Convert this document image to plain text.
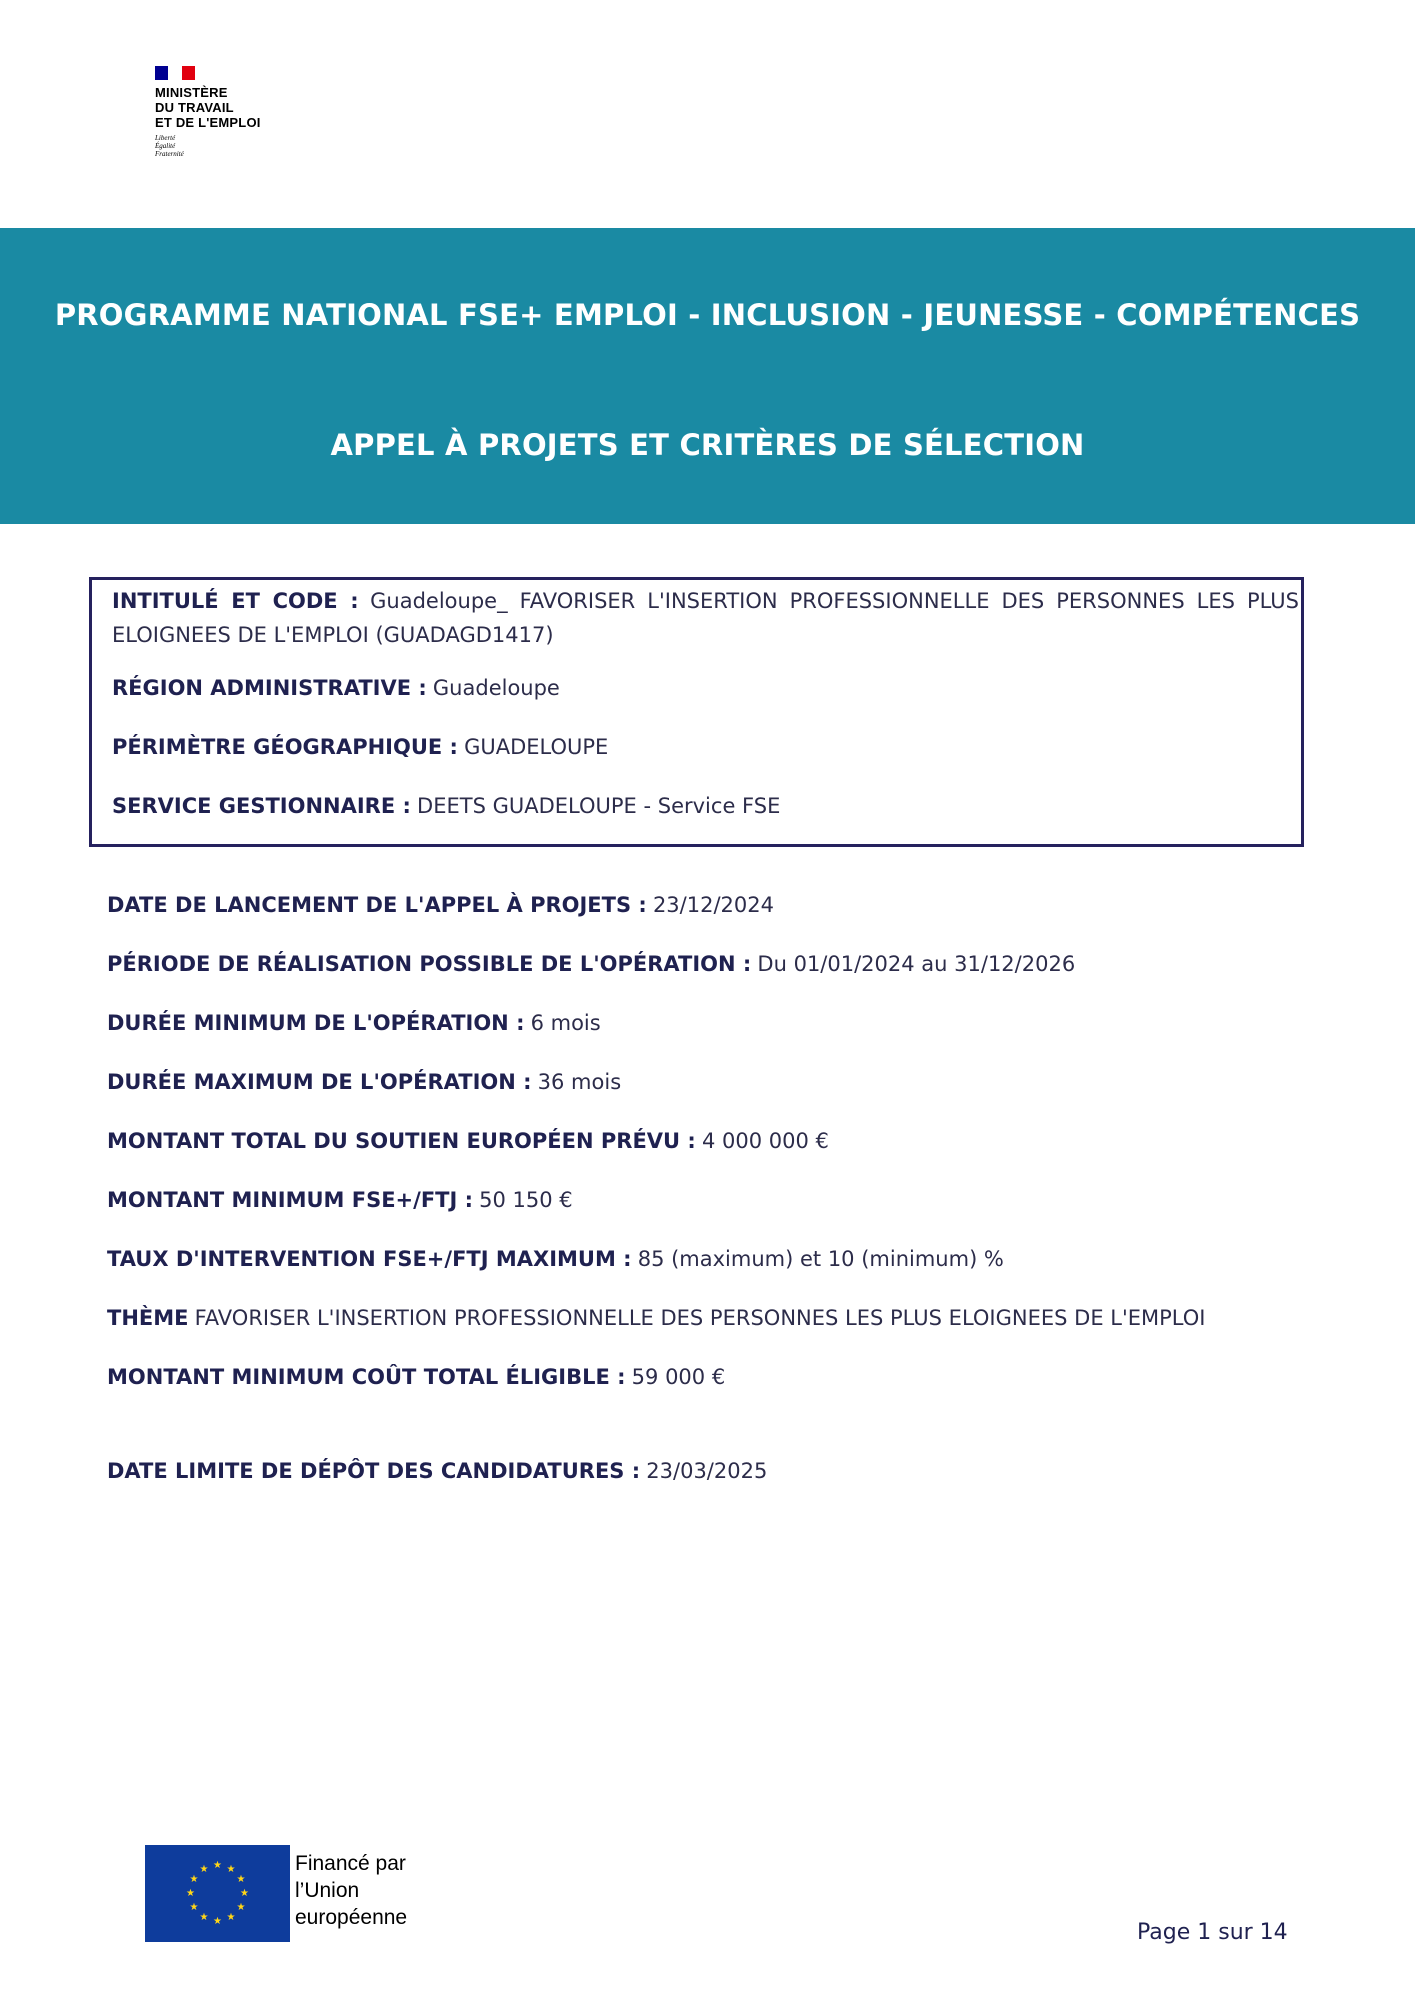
MINISTÈRE
DU TRAVAIL
ET DE L'EMPLOI
Liberté
Égalité
Fraternité
PROGRAMME NATIONAL FSE+ EMPLOI - INCLUSION - JEUNESSE - COMPÉTENCES
APPEL À PROJETS ET CRITÈRES DE SÉLECTION
INTITULÉ ET CODE : Guadeloupe_ FAVORISER L'INSERTION PROFESSIONNELLE DES PERSONNES LES PLUS ELOIGNEES DE L'EMPLOI (GUADAGD1417)
RÉGION ADMINISTRATIVE : Guadeloupe
PÉRIMÈTRE GÉOGRAPHIQUE : GUADELOUPE
SERVICE GESTIONNAIRE : DEETS GUADELOUPE - Service FSE
DATE DE LANCEMENT DE L'APPEL À PROJETS : 23/12/2024
PÉRIODE DE RÉALISATION POSSIBLE DE L'OPÉRATION : Du 01/01/2024 au 31/12/2026
DURÉE MINIMUM DE L'OPÉRATION : 6 mois
DURÉE MAXIMUM DE L'OPÉRATION : 36 mois
MONTANT TOTAL DU SOUTIEN EUROPÉEN PRÉVU : 4 000 000 €
MONTANT MINIMUM FSE+/FTJ : 50 150 €
TAUX D'INTERVENTION FSE+/FTJ MAXIMUM : 85 (maximum) et 10 (minimum) %
THÈME FAVORISER L'INSERTION PROFESSIONNELLE DES PERSONNES LES PLUS ELOIGNEES DE L'EMPLOI
MONTANT MINIMUM COÛT TOTAL ÉLIGIBLE : 59 000 €
DATE LIMITE DE DÉPÔT DES CANDIDATURES : 23/03/2025
★ ★
★
★
★
★
★
★
★
★
★
★	Financé par
l’Union
européenne
Page 1 sur 14
